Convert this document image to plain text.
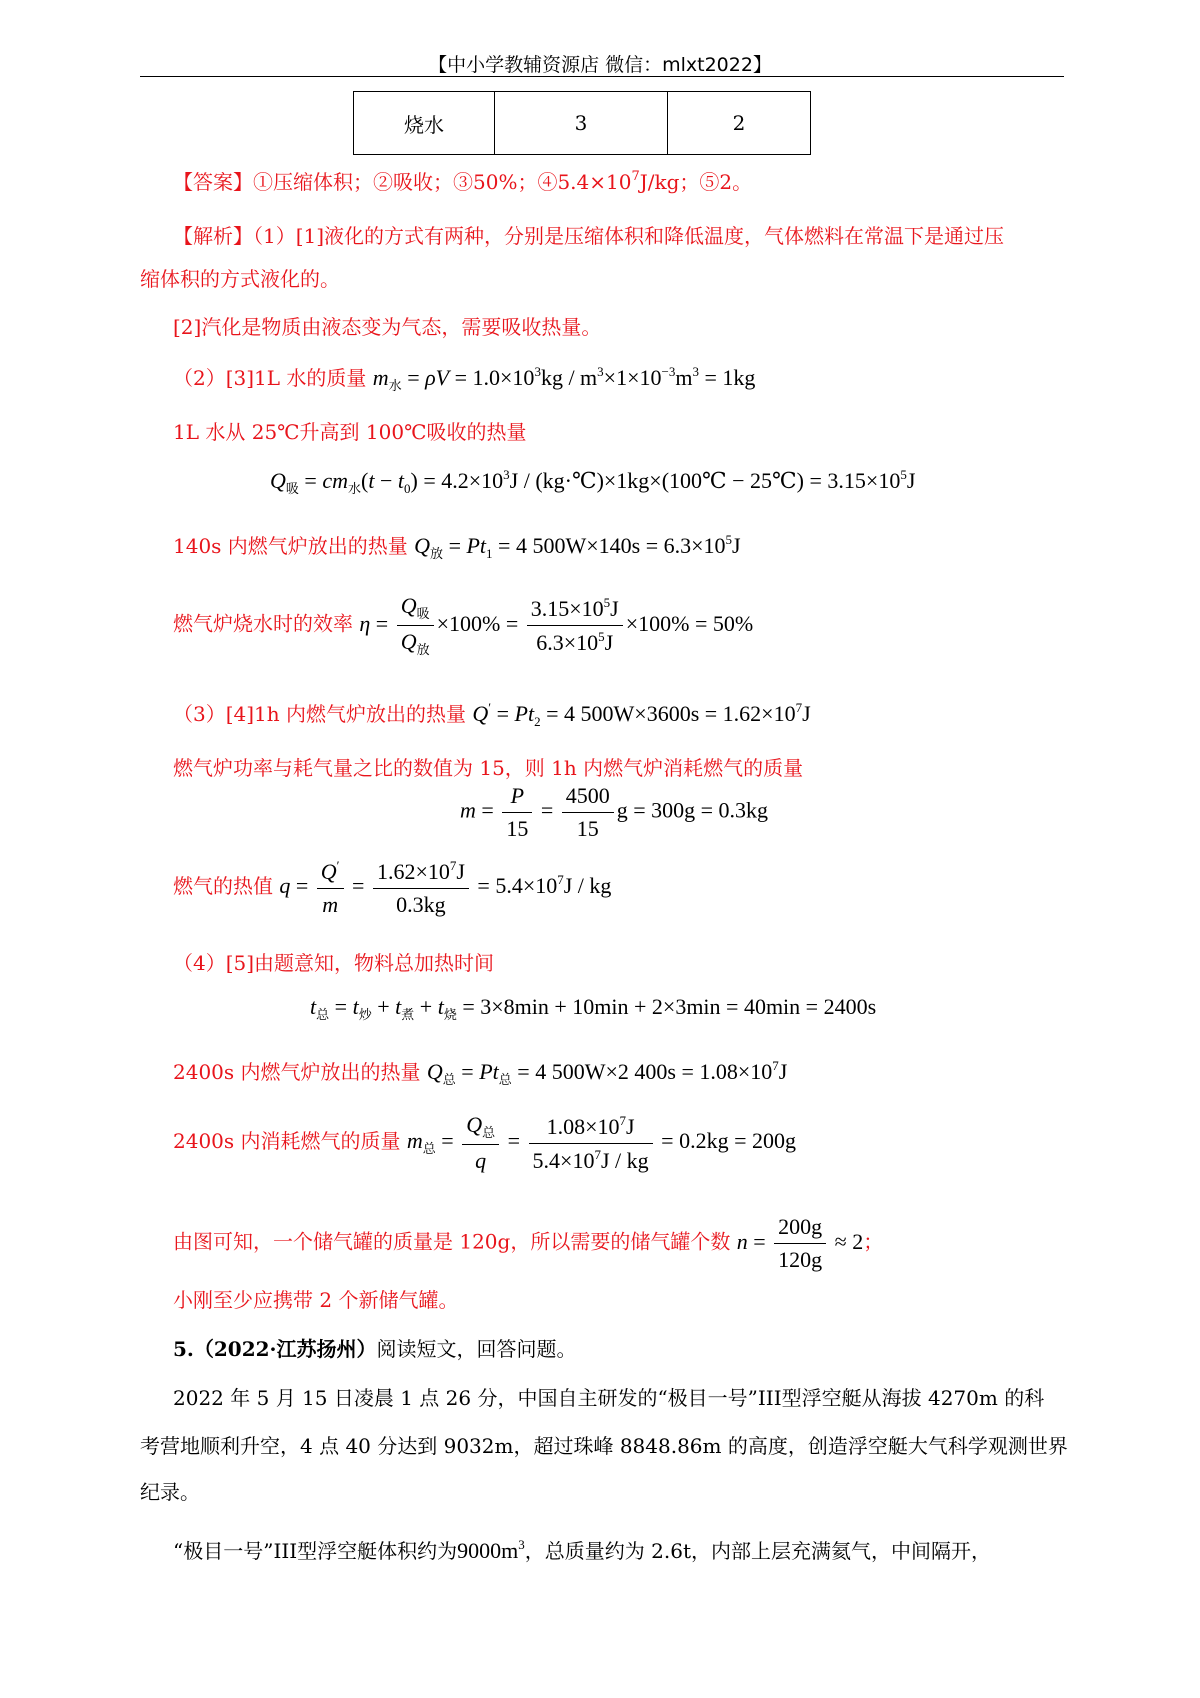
【中小学教辅资源店 微信：mlxt2022】
烧水	3	2
【答案】①压缩体积；②吸收；③50%；$④5.4\times 10^7J/kg$；⑤2。
【解析】（1）[1]液化的方式有两种，分别是压缩体积和降低温度，气体燃料在常温下是通过压
缩体积的方式液化的。
[2]汽化是物质由液态变为气态，需要吸收热量。
（2）[3]1L 水的质量 $m_水 = \rho V = 1.0\times 10^3kg / m^3\times 1\times 10^{-3}m^3 = 1kg$
1L 水从 25℃升高到 100℃吸收的热量
$Q_吸 = cm_水(t - t_0) = 4.2\times 10^3J$ / (kg·℃)×1kg×(100℃ − 25℃) = $3.15\times 10^5J$
140s 内燃气炉放出的热量 $Q_放 = Pt_1 = 4$ $500W\times 140s = 6.3\times 10^5J$
燃气炉烧水时的效率 $\eta = \frac{Q_吸}{Q_放} \times 100\% = \frac{3.15\times 10^5J}{6.3\times 10^5J} \times 100\% = 50\%$
（3）[4]1h 内燃气炉放出的热量 $Q' = Pt_2 = 4$ $500W\times 3600s = 1.62\times 10^7J$
燃气炉功率与耗气量之比的数值为 15，则 1h 内燃气炉消耗燃气的质量
$m = \frac{P}{15} = \frac{4500}{15}$ g = 300g = 0.3kg
燃气的热值 $q = \frac{Q'}{m} = \frac{1.62\times 10^7J}{0.3kg} = 5.4\times 10^7J$ / kg
（4）[5]由题意知，物料总加热时间
$t_总 = t_炒 + t_煮 + t_烧 = 3\times 8\min + 10\min + 2\times 3\min = 40\min = 2400s$
2400s 内燃气炉放出的热量 $Q_总 = Pt_总 = 4$ 500W×2 $400s = 1.08\times 10^7J$
2400s 内消耗燃气的质量 $m_总 = \frac{Q_总}{q} = \frac{1.08\times 10^7J}{5.4\times 10^7J / kg} = 0.2kg = 200g$
由图可知，一个储气罐的质量是 120g，所以需要的储气罐个数 $n = \frac{200g}{120g} \approx 2$；
小刚至少应携带 2 个新储气罐。
5.（2022·江苏扬州）阅读短文，回答问题。
2022 年 5 月 15 日凌晨 1 点 26 分，中国自主研发的“极目一号”III型浮空艇从海拔 4270m 的科
考营地顺利升空，4 点 40 分达到 9032m，超过珠峰 8848.86m 的高度，创造浮空艇大气科学观测世界
纪录。
“极目一号”III型浮空艇体积约为$9000m^3$，总质量约为 2.6t，内部上层充满氦气，中间隔开，
